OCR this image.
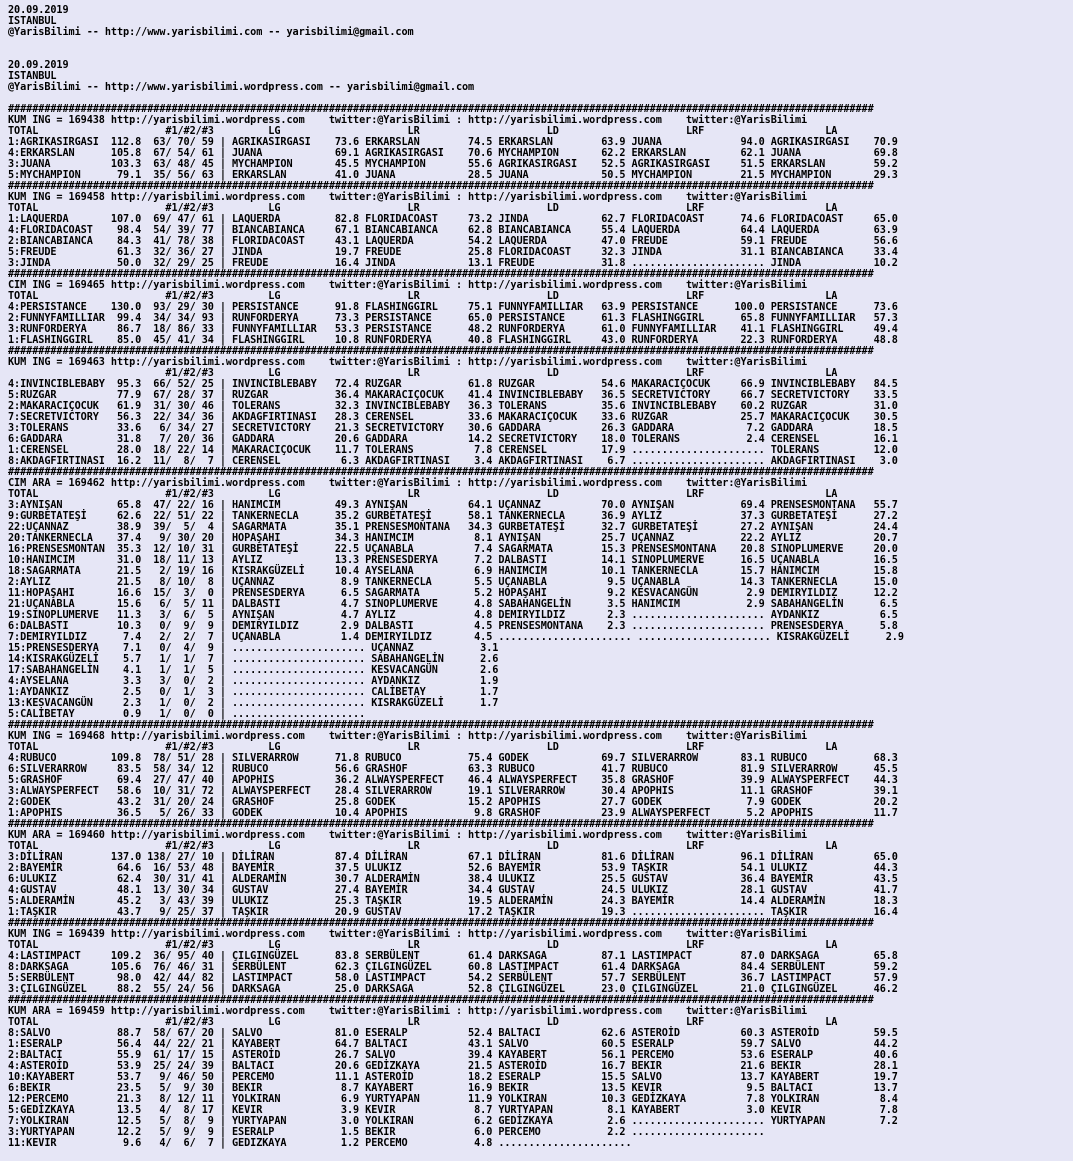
20.09.2019
ISTANBUL
@YarisBilimi -- http://www.yarisbilimi.com -- yarisbilimi@gmail.com

20.09.2019
ISTANBUL
@YarisBilimi -- http://www.yarisbilimi.wordpress.com -- yarisbilimi@gmail.com

###############################################################################################################################################
KUM ING = 169438 http://yarisbilimi.wordpress.com    twitter:@YarisBilimi : http://yarisbilimi.wordpress.com    twitter:@YarisBilimi
TOTAL                     #1/#2/#3         LG                     LR                     LD                     LRF                    LA
1:AGRIKASIRGASI  112.8  63/ 70/ 59 | AGRIKASIRGASI    73.6 ERKARSLAN        74.5 ERKARSLAN        63.9 JUANA             94.0 AGRIKASIRGASI    70.9
4:ERKARSLAN      105.8  67/ 54/ 61 | JUANA            69.1 AGRIKASIRGASI    70.6 MYCHAMPION       62.2 ERKARSLAN         62.1 JUANA            69.8
3:JUANA          103.3  63/ 48/ 45 | MYCHAMPION       45.5 MYCHAMPION       55.6 AGRIKASIRGASI    52.5 AGRIKASIRGASI     51.5 ERKARSLAN        59.2
5:MYCHAMPION      79.1  35/ 56/ 63 | ERKARSLAN        41.0 JUANA            28.5 JUANA            50.5 MYCHAMPION        21.5 MYCHAMPION       29.3
###############################################################################################################################################
KUM ING = 169458 http://yarisbilimi.wordpress.com    twitter:@YarisBilimi : http://yarisbilimi.wordpress.com    twitter:@YarisBilimi
TOTAL                     #1/#2/#3         LG                     LR                     LD                     LRF                    LA
1:LAQUERDA       107.0  69/ 47/ 61 | LAQUERDA         82.8 FLORIDACOAST     73.2 JINDA            62.7 FLORIDACOAST      74.6 FLORIDACOAST     65.0
4:FLORIDACOAST    98.4  54/ 39/ 77 | BIANCABIANCA     67.1 BIANCABIANCA     62.8 BIANCABIANCA     55.4 LAQUERDA          64.4 LAQUERDA         63.9
2:BIANCABIANCA    84.3  41/ 78/ 38 | FLORIDACOAST     43.1 LAQUERDA         54.2 LAQUERDA         47.0 FREUDE            59.1 FREUDE           56.6
5:FREUDE          61.3  32/ 36/ 27 | JINDA            19.7 FREUDE           25.8 FLORIDACOAST     32.3 JINDA             31.1 BIANCABIANCA     33.4
3:JINDA           50.0  32/ 29/ 25 | FREUDE           16.4 JINDA            13.1 FREUDE           31.8 ...................... JINDA            10.2
###############################################################################################################################################
CIM ING = 169465 http://yarisbilimi.wordpress.com    twitter:@YarisBilimi : http://yarisbilimi.wordpress.com    twitter:@YarisBilimi
TOTAL                     #1/#2/#3         LG                     LR                     LD                     LRF                    LA
4:PERSISTANCE    130.0  93/ 29/ 30 | PERSISTANCE      91.8 FLASHINGGIRL     75.1 FUNNYFAMILLIAR   63.9 PERSISTANCE      100.0 PERSISTANCE      73.6
2:FUNNYFAMILLIAR  99.4  34/ 34/ 93 | RUNFORDERYA      73.3 PERSISTANCE      65.0 PERSISTANCE      61.3 FLASHINGGIRL      65.8 FUNNYFAMILLIAR   57.3
3:RUNFORDERYA     86.7  18/ 86/ 33 | FUNNYFAMILLIAR   53.3 PERSISTANCE      48.2 RUNFORDERYA      61.0 FUNNYFAMILLIAR    41.1 FLASHINGGIRL     49.4
1:FLASHINGGIRL    85.0  45/ 41/ 34 | FLASHINGGIRL     10.8 RUNFORDERYA      40.8 FLASHINGGIRL     43.0 RUNFORDERYA       22.3 RUNFORDERYA      48.8
###############################################################################################################################################
KUM ING = 169463 http://yarisbilimi.wordpress.com    twitter:@YarisBilimi : http://yarisbilimi.wordpress.com    twitter:@YarisBilimi
#1/#2/#3         LG                     LR                     LD                     LRF                    LA
4:INVINCIBLEBABY  95.3  66/ 52/ 25 | INVINCIBLEBABY   72.4 RUZGAR           61.8 RUZGAR           54.6 MAKARACIÇOCUK     66.9 INVINCIBLEBABY   84.5
5:RUZGAR          77.9  67/ 28/ 37 | RUZGAR           36.4 MAKARACIÇOCUK    41.4 INVINCIBLEBABY   36.5 SECRETVICTORY     66.7 SECRETVICTORY    33.5
2:MAKARACIÇOCUK   61.9  31/ 30/ 46 | TOLERANS         32.3 INVINCIBLEBABY   36.3 TOLERANS         35.6 INVINCIBLEBABY    60.2 RUZGAR           31.0
7:SECRETVICTORY   56.3  22/ 34/ 36 | AKDAGFIRTINASI   28.3 CERENSEL         33.6 MAKARACIÇOCUK    33.6 RUZGAR            25.7 MAKARACIÇOCUK    30.5
3:TOLERANS        33.6   6/ 34/ 27 | SECRETVICTORY    21.3 SECRETVICTORY    30.6 GADDARA          26.3 GADDARA            7.2 GADDARA          18.5
6:GADDARA         31.8   7/ 20/ 36 | GADDARA          20.6 GADDARA          14.2 SECRETVICTORY    18.0 TOLERANS           2.4 CERENSEL         16.1
1:CERENSEL        28.0  18/ 22/ 14 | MAKARACIÇOCUK    11.7 TOLERANS          7.8 CERENSEL         17.9 ...................... TOLERANS         12.0
8:AKDAGFIRTINASI  16.2  11/  8/  7 | CERENSEL          6.3 AKDAGFIRTINASI    3.4 AKDAGFIRTINASI    6.7 ...................... AKDAGFIRTINASI    3.0
###############################################################################################################################################
CIM ARA = 169462 http://yarisbilimi.wordpress.com    twitter:@YarisBilimi : http://yarisbilimi.wordpress.com    twitter:@YarisBilimi
TOTAL                     #1/#2/#3         LG                     LR                     LD                     LRF                    LA
3:AYNIŞAN         65.8  47/ 22/ 16 | HANIMCIM         49.3 AYNIŞAN          64.1 UÇANNAZ          70.0 AYNIŞAN           69.4 PRENSESMONTANA   55.7
9:GURBETATEŞİ     62.6  22/ 51/ 22 | TANKERNECLA      35.2 GURBETATEŞİ      58.1 TANKERNECLA      36.9 AYLIZ             37.3 GURBETATEŞİ      27.2
22:UÇANNAZ        38.9  39/  5/  4 | SAGARMATA        35.1 PRENSESMONTANA   34.3 GURBETATEŞİ      32.7 GURBETATEŞİ       27.2 AYNIŞAN          24.4
20:TANKERNECLA    37.4   9/ 30/ 20 | HOPAŞAHI         34.3 HANIMCIM          8.1 AYNIŞAN          25.7 UÇANNAZ           22.2 AYLIZ            20.7
16:PRENSESMONTAN  35.3  12/ 10/ 31 | GURBETATEŞİ      22.5 UÇANABLA          7.4 SAGARMATA        15.3 PRENSESMONTANA    20.8 SINOPLUMERVE     20.0
10:HANIMCIM       31.0  18/ 11/ 13 | AYLIZ            13.3 PRENSESDERYA      7.2 DALBASTI         14.1 SINOPLUMERVE      16.5 UÇANABLA         16.5
18:SAGARMATA      21.5   2/ 19/ 16 | KISRAKGÜZELİ     10.4 AYSELANA          6.9 HANIMCIM         10.1 TANKERNECLA       15.7 HANIMCIM         15.8
2:AYLIZ           21.5   8/ 10/  8 | UÇANNAZ           8.9 TANKERNECLA       5.5 UÇANABLA          9.5 UÇANABLA          14.3 TANKERNECLA      15.0
11:HOPAŞAHI       16.6  15/  3/  0 | PRENSESDERYA      6.5 SAGARMATA         5.2 HOPAŞAHI          9.2 KESVACANGÜN        2.9 DEMIRYILDIZ      12.2
21:UÇANABLA       15.6   6/  5/ 11 | DALBASTI          4.7 SINOPLUMERVE      4.8 SABAHANGELİN      3.5 HANIMCIM           2.9 SABAHANGELİN      6.5
19:SINOPLUMERVE   11.3   3/  6/  5 | AYNIŞAN           4.7 AYLIZ             4.8 DEMIRYILDIZ       2.3 ...................... AYDANKIZ          6.5
6:DALBASTI        10.3   0/  9/  9 | DEMIRYILDIZ       2.9 DALBASTI          4.5 PRENSESMONTANA    2.3 ...................... PRENSESDERYA      5.8
7:DEMIRYILDIZ      7.4   2/  2/  7 | UÇANABLA          1.4 DEMIRYILDIZ       4.5 ...................... ...................... KISRAKGÜZELİ      2.9
15:PRENSESDERYA    7.1   0/  4/  9 | ...................... UÇANNAZ           3.1
14:KISRAKGÜZELİ    5.7   1/  1/  7 | ...................... SABAHANGELİN      2.6
17:SABAHANGELİN    4.1   1/  1/  5 | ...................... KESVACANGÜN       2.6
4:AYSELANA         3.3   3/  0/  2 | ...................... AYDANKIZ          1.9
1:AYDANKIZ         2.5   0/  1/  3 | ...................... CALİBETAY         1.7
13:KESVACANGÜN     2.3   1/  0/  2 | ...................... KISRAKGÜZELİ      1.7
5:CALİBETAY        0.9   1/  0/  0 | ......................
###############################################################################################################################################
KUM ING = 169468 http://yarisbilimi.wordpress.com    twitter:@YarisBilimi : http://yarisbilimi.wordpress.com    twitter:@YarisBilimi
TOTAL                     #1/#2/#3         LG                     LR                     LD                     LRF                    LA
4:RUBUCO         109.8  78/ 51/ 28 | SILVERARROW      71.8 RUBUCO           75.4 GODEK            69.7 SILVERARROW       83.1 RUBUCO           68.3
6:SILVERARROW     83.5  58/ 34/ 12 | RUBUCO           56.6 GRASHOF          63.3 RUBUCO           41.7 RUBUCO            81.9 SILVERARROW      45.5
5:GRASHOF         69.4  27/ 47/ 40 | APOPHIS          36.2 ALWAYSPERFECT    46.4 ALWAYSPERFECT    35.8 GRASHOF           39.9 ALWAYSPERFECT    44.3
3:ALWAYSPERFECT   58.6  10/ 31/ 72 | ALWAYSPERFECT    28.4 SILVERARROW      19.1 SILVERARROW      30.4 APOPHIS           11.1 GRASHOF          39.1
2:GODEK           43.2  31/ 20/ 24 | GRASHOF          25.8 GODEK            15.2 APOPHIS          27.7 GODEK              7.9 GODEK            20.2
1:APOPHIS         36.5   5/ 26/ 33 | GODEK            10.4 APOPHIS           9.8 GRASHOF          23.9 ALWAYSPERFECT      5.2 APOPHIS          11.7
###############################################################################################################################################
KUM ARA = 169460 http://yarisbilimi.wordpress.com    twitter:@YarisBilimi : http://yarisbilimi.wordpress.com    twitter:@YarisBilimi
TOTAL                     #1/#2/#3         LG                     LR                     LD                     LRF                    LA
3:DİLİRAN        137.0 138/ 27/ 10 | DİLİRAN          87.4 DİLİRAN          67.1 DİLİRAN          81.6 DİLİRAN           96.1 DİLİRAN          65.0
2:BAYEMİR         64.6  16/ 53/ 48 | BAYEMİR          37.5 ULUKIZ           52.6 BAYEMİR          53.9 TAŞKIR            54.1 ULUKIZ           44.3
6:ULUKIZ          62.4  30/ 31/ 41 | ALDERAMİN        30.7 ALDERAMİN        38.4 ULUKIZ           25.5 GUSTAV            36.4 BAYEMİR          43.5
4:GUSTAV          48.1  13/ 30/ 34 | GUSTAV           27.4 BAYEMİR          34.4 GUSTAV           24.5 ULUKIZ            28.1 GUSTAV           41.7
5:ALDERAMİN       45.2   3/ 43/ 39 | ULUKIZ           25.3 TAŞKIR           19.5 ALDERAMİN        24.3 BAYEMİR           14.4 ALDERAMİN        18.3
1:TAŞKIR          43.7   9/ 25/ 37 | TAŞKIR           20.9 GUSTAV           17.2 TAŞKIR           19.3 ...................... TAŞKIR           16.4
###############################################################################################################################################
KUM ING = 169439 http://yarisbilimi.wordpress.com    twitter:@YarisBilimi : http://yarisbilimi.wordpress.com    twitter:@YarisBilimi
TOTAL                     #1/#2/#3         LG                     LR                     LD                     LRF                    LA
4:LASTIMPACT     109.2  36/ 95/ 40 | ÇILGINGÜZEL      83.8 SERBÜLENT        61.4 DARKSAGA         87.1 LASTIMPACT        87.0 DARKSAGA         65.8
8:DARKSAGA       105.6  76/ 46/ 31 | SERBÜLENT        62.3 ÇILGINGÜZEL      60.8 LASTIMPACT       61.4 DARKSAGA          84.4 SERBÜLENT        59.2
5:SERBÜLENT       98.0  42/ 44/ 82 | LASTIMPACT       58.0 LASTIMPACT       54.2 SERBÜLENT        57.7 SERBÜLENT         36.7 LASTIMPACT       57.9
3:ÇILGINGÜZEL     88.2  55/ 24/ 56 | DARKSAGA         25.0 DARKSAGA         52.8 ÇILGINGÜZEL      23.0 ÇILGINGÜZEL       21.0 ÇILGINGÜZEL      46.2
###############################################################################################################################################
KUM ARA = 169459 http://yarisbilimi.wordpress.com    twitter:@YarisBilimi : http://yarisbilimi.wordpress.com    twitter:@YarisBilimi
TOTAL                     #1/#2/#3         LG                     LR                     LD                     LRF                    LA
8:SALVO           88.7  58/ 67/ 20 | SALVO            81.0 ESERALP          52.4 BALTACI          62.6 ASTEROİD          60.3 ASTEROİD         59.5
1:ESERALP         56.4  44/ 22/ 21 | KAYABERT         64.7 BALTACI          43.1 SALVO            60.5 ESERALP           59.7 SALVO            44.2
2:BALTACI         55.9  61/ 17/ 15 | ASTEROİD         26.7 SALVO            39.4 KAYABERT         56.1 PERCEMO           53.6 ESERALP          40.6
4:ASTEROİD        53.9  25/ 24/ 39 | BALTACI          20.6 GEDİZKAYA        21.5 ASTEROİD         16.7 BEKIR             21.6 BEKIR            28.1
10:KAYABERT       53.7   9/ 46/ 50 | PERCEMO          11.1 ASTEROİD         18.2 ESERALP          15.5 SALVO             13.7 KAYABERT         19.7
6:BEKIR           23.5   5/  9/ 30 | BEKIR             8.7 KAYABERT         16.9 BEKIR            13.5 KEVIR              9.5 BALTACI          13.7
12:PERCEMO        21.3   8/ 12/ 11 | YOLKIRAN          6.9 YURTYAPAN        11.9 YOLKIRAN         10.3 GEDİZKAYA          7.8 YOLKIRAN          8.4
5:GEDİZKAYA       13.5   4/  8/ 17 | KEVIR             3.9 KEVIR             8.7 YURTYAPAN         8.1 KAYABERT           3.0 KEVIR             7.8
7:YOLKIRAN        12.5   5/  8/  9 | YURTYAPAN         3.0 YOLKIRAN          6.2 GEDİZKAYA         2.6 ...................... YURTYAPAN         7.2
3:YURTYAPAN       12.2   5/  9/  9 | ESERALP           1.5 BEKIR             6.0 PERCEMO           2.2 ......................
11:KEVIR           9.6   4/  6/  7 | GEDIZKAYA         1.2 PERCEMO           4.8 ......................
